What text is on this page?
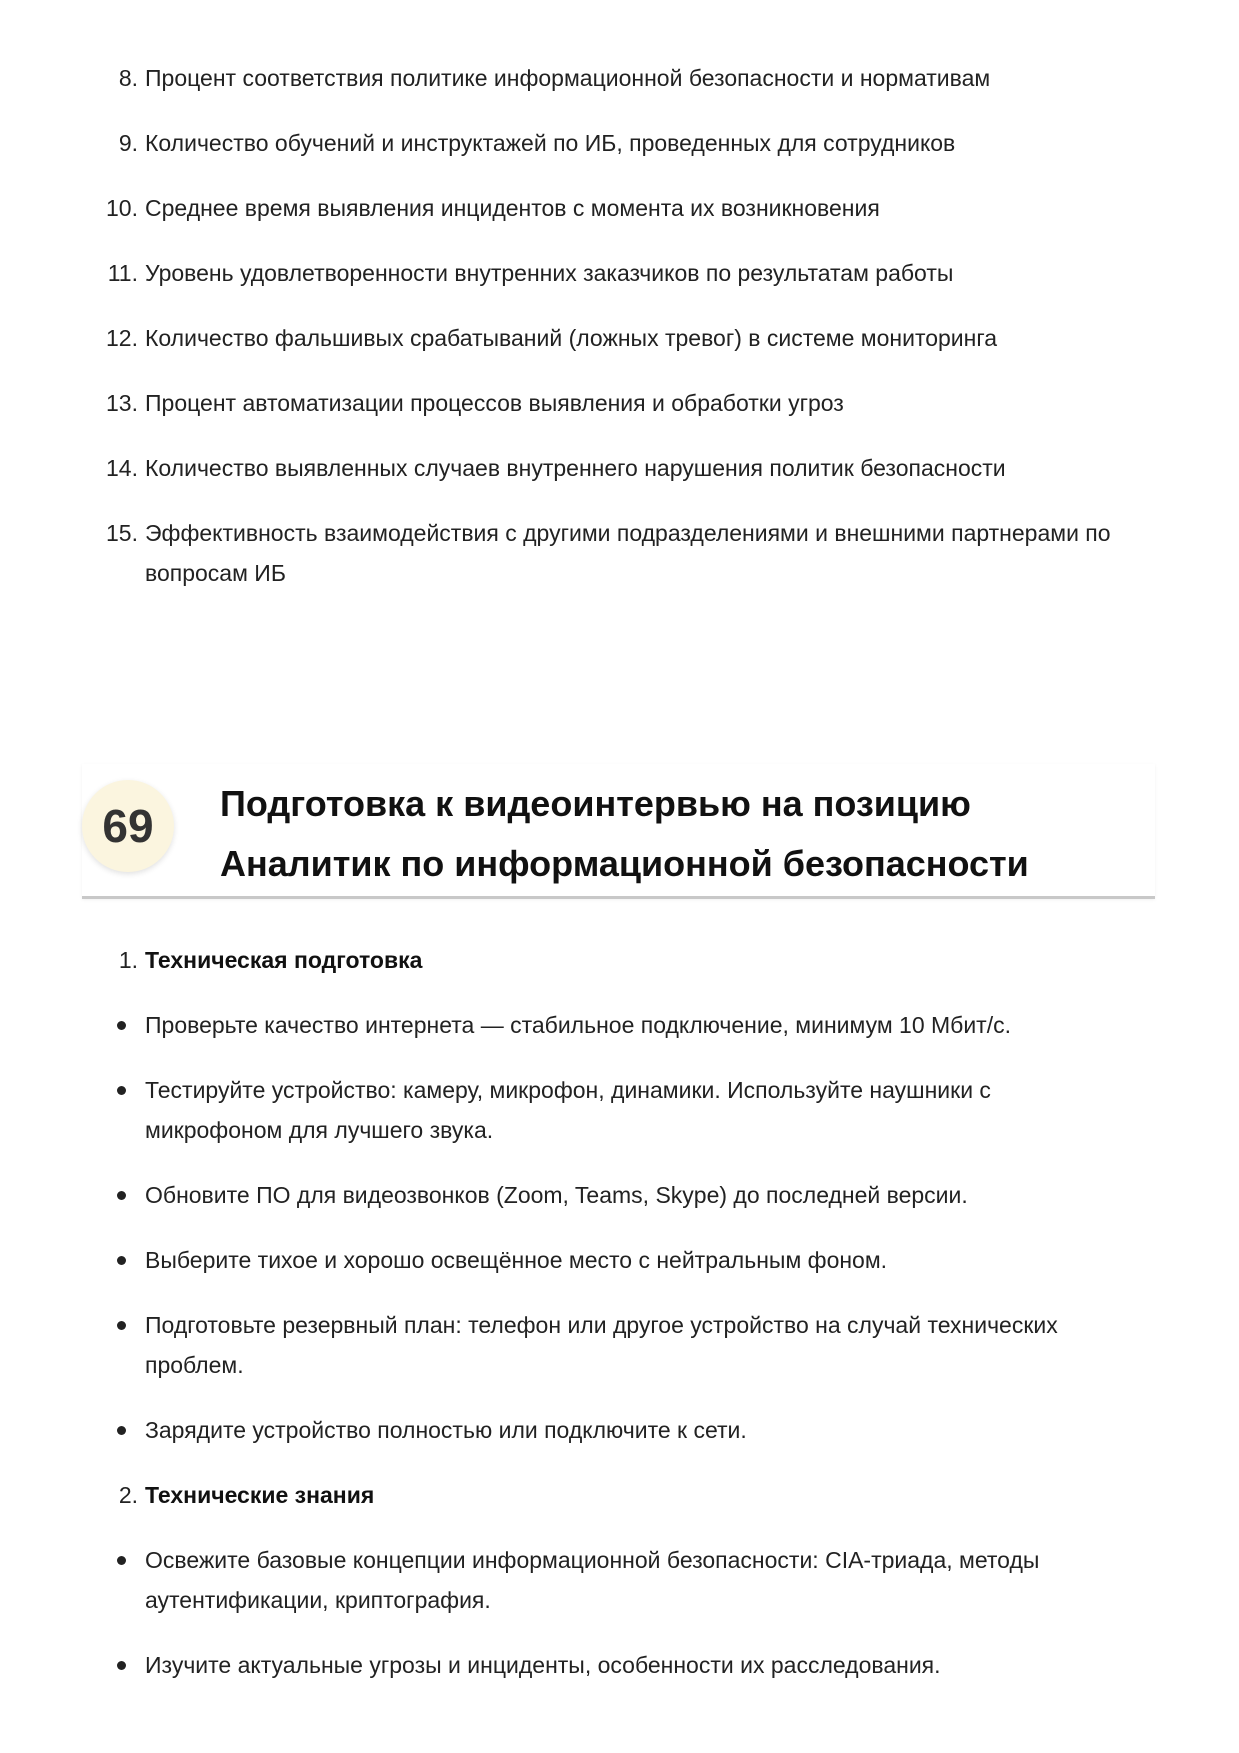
8. Процент соответствия политике информационной безопасности и нормативам
9. Количество обучений и инструктажей по ИБ, проведенных для сотрудников
10. Среднее время выявления инцидентов с момента их возникновения
11. Уровень удовлетворенности внутренних заказчиков по результатам работы
12. Количество фальшивых срабатываний (ложных тревог) в системе мониторинга
13. Процент автоматизации процессов выявления и обработки угроз
14. Количество выявленных случаев внутреннего нарушения политик безопасности
15. Эффективность взаимодействия с другими подразделениями и внешними партнерами по вопросам ИБ
69	Подготовка к видеоинтервью на позицию
Аналитик по информационной безопасности
1. Техническая подготовка
Проверьте качество интернета — стабильное подключение, минимум 10 Мбит/с.
Тестируйте устройство: камеру, микрофон, динамики. Используйте наушники с микрофоном для лучшего звука.
Обновите ПО для видеозвонков (Zoom, Teams, Skype) до последней версии.
Выберите тихое и хорошо освещённое место с нейтральным фоном.
Подготовьте резервный план: телефон или другое устройство на случай технических проблем.
Зарядите устройство полностью или подключите к сети.
2. Технические знания
Освежите базовые концепции информационной безопасности: CIA-триада, методы аутентификации, криптография.
Изучите актуальные угрозы и инциденты, особенности их расследования.
